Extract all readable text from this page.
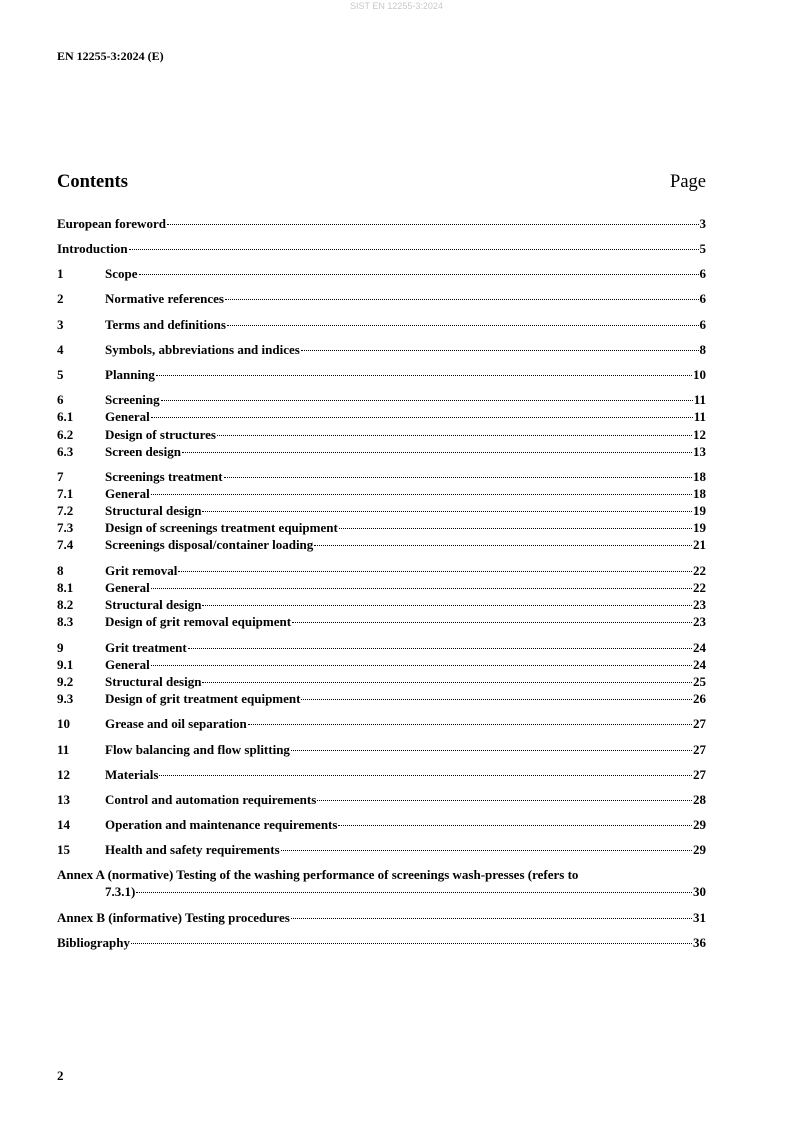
SIST EN 12255-3:2024
EN 12255-3:2024 (E)
Contents	Page
European foreword	3
Introduction	5
1	Scope	6
2	Normative references	6
3	Terms and definitions	6
4	Symbols, abbreviations and indices	8
5	Planning	10
6	Screening	11
6.1	General	11
6.2	Design of structures	12
6.3	Screen design	13
7	Screenings treatment	18
7.1	General	18
7.2	Structural design	19
7.3	Design of screenings treatment equipment	19
7.4	Screenings disposal/container loading	21
8	Grit removal	22
8.1	General	22
8.2	Structural design	23
8.3	Design of grit removal equipment	23
9	Grit treatment	24
9.1	General	24
9.2	Structural design	25
9.3	Design of grit treatment equipment	26
10	Grease and oil separation	27
11	Flow balancing and flow splitting	27
12	Materials	27
13	Control and automation requirements	28
14	Operation and maintenance requirements	29
15	Health and safety requirements	29
Annex A (normative) Testing of the washing performance of screenings wash-presses (refers to
7.3.1)	30
Annex B (informative) Testing procedures	31
Bibliography	36
2
